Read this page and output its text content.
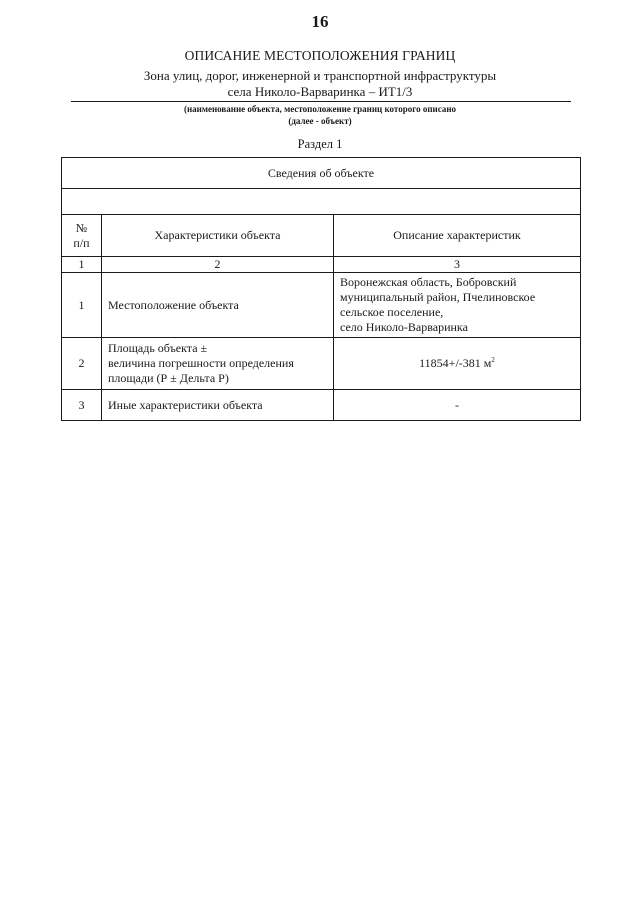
16
ОПИСАНИЕ МЕСТОПОЛОЖЕНИЯ ГРАНИЦ
Зона улиц, дорог, инженерной и транспортной инфраструктуры
села Николо-Варваринка – ИТ1/3
(наименование объекта, местоположение границ которого описано
(далее - объект)
Раздел 1
Сведения об объекте		

№
п/п	Характеристики объекта	Описание характеристик
1	2	3
1	Местоположение объекта	Воронежская область, Бобровский
муниципальный район, Пчелиновское
сельское поселение,
село Николо-Варваринка

2	Площадь объекта ±
величина погрешности определения
площади (Р ± Дельта Р)	11854+/-381 $м^2$
3	Иные характеристики объекта	-
